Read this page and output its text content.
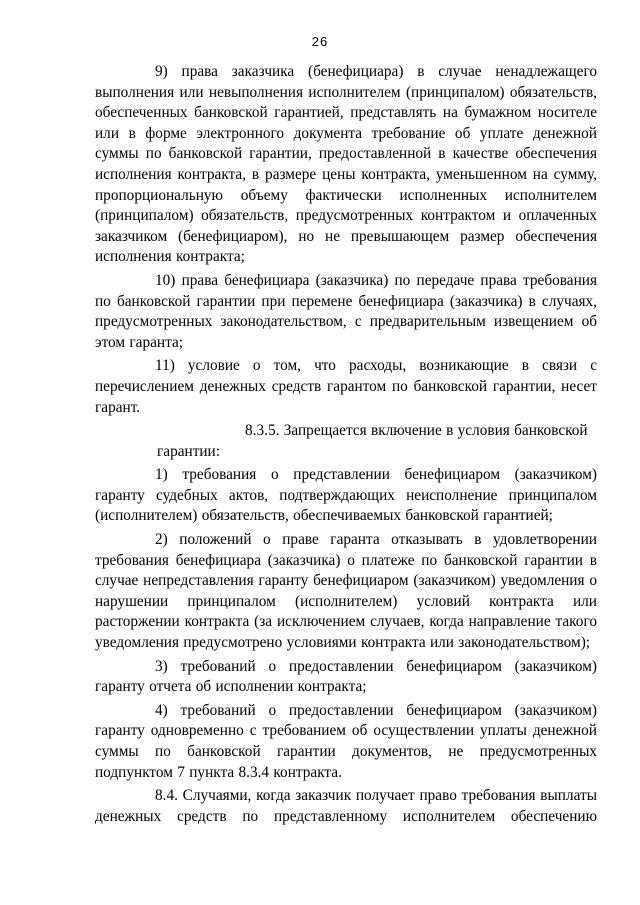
26

9) права заказчика (бенефициара) в случае ненадлежащего выполнения или невыполнения исполнителем (принципалом) обязательств, обеспеченных банковской гарантией, представлять на бумажном носителе или в форме электронного документа требование об уплате денежной суммы по банковской гарантии, предоставленной в качестве обеспечения исполнения контракта, в размере цены контракта, уменьшенном на сумму, пропорциональную объему фактически исполненных исполнителем (принципалом) обязательств, предусмотренных контрактом и оплаченных заказчиком (бенефициаром), но не превышающем размер обеспечения исполнения контракта;

10) права бенефициара (заказчика) по передаче права требования по банковской гарантии при перемене бенефициара (заказчика) в случаях, предусмотренных законодательством, с предварительным извещением об этом гаранта;

11) условие о том, что расходы, возникающие в связи с перечислением денежных средств гарантом по банковской гарантии, несет гарант.

8.3.5. Запрещается включение в условия банковской
гарантии:

1) требования о представлении бенефициаром (заказчиком) гаранту судебных актов, подтверждающих неисполнение принципалом (исполнителем) обязательств, обеспечиваемых банковской гарантией;

2) положений о праве гаранта отказывать в удовлетворении требования бенефициара (заказчика) о платеже по банковской гарантии в случае непредставления гаранту бенефициаром (заказчиком) уведомления о нарушении принципалом (исполнителем) условий контракта или расторжении контракта (за исключением случаев, когда направление такого уведомления предусмотрено условиями контракта или законодательством);

3) требований о предоставлении бенефициаром (заказчиком) гаранту отчета об исполнении контракта;

4) требований о предоставлении бенефициаром (заказчиком) гаранту одновременно с требованием об осуществлении уплаты денежной суммы по банковской гарантии документов, не предусмотренных подпунктом 7 пункта 8.3.4 контракта.

8.4. Случаями, когда заказчик получает право требования выплаты денежных средств по представленному исполнителем обеспечению
